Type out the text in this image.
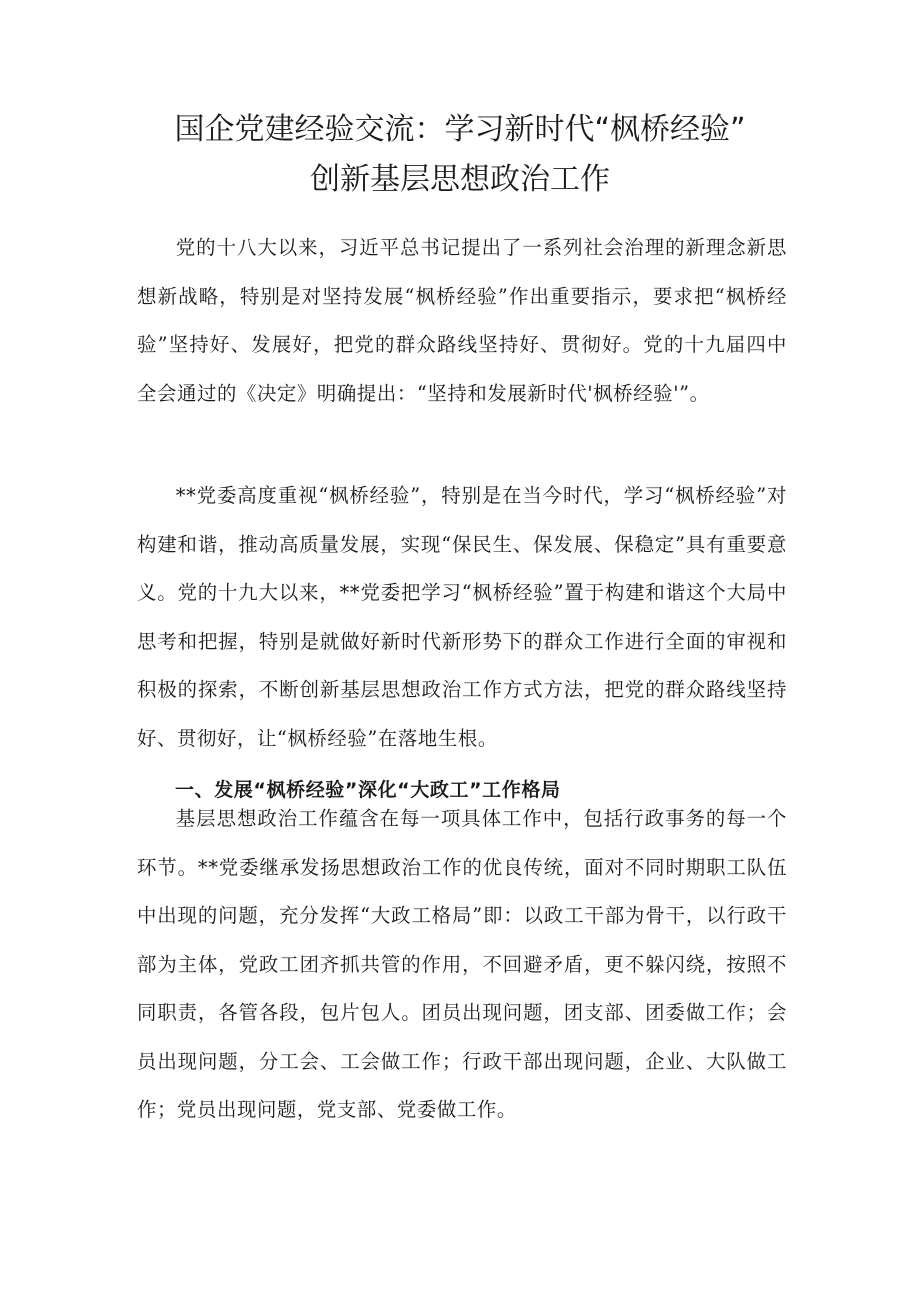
国企党建经验交流：学习新时代“枫桥经验”
创新基层思想政治工作

党的十八大以来，习近平总书记提出了一系列社会治理的新理念新思想新战略，特别是对坚持发展“枫桥经验”作出重要指示，要求把“枫桥经验”坚持好、发展好，把党的群众路线坚持好、贯彻好。党的十九届四中全会通过的《决定》明确提出：“坚持和发展新时代'枫桥经验'”。

**党委高度重视“枫桥经验”，特别是在当今时代，学习“枫桥经验”对构建和谐，推动高质量发展，实现“保民生、保发展、保稳定”具有重要意义。党的十九大以来，**党委把学习“枫桥经验”置于构建和谐这个大局中思考和把握，特别是就做好新时代新形势下的群众工作进行全面的审视和积极的探索，不断创新基层思想政治工作方式方法，把党的群众路线坚持好、贯彻好，让“枫桥经验”在落地生根。

一、发展“枫桥经验”深化“大政工”工作格局

基层思想政治工作蕴含在每一项具体工作中，包括行政事务的每一个环节。**党委继承发扬思想政治工作的优良传统，面对不同时期职工队伍中出现的问题，充分发挥“大政工格局”即：以政工干部为骨干，以行政干部为主体，党政工团齐抓共管的作用，不回避矛盾，更不躲闪绕，按照不同职责，各管各段，包片包人。团员出现问题，团支部、团委做工作；会员出现问题，分工会、工会做工作；行政干部出现问题，企业、大队做工作；党员出现问题，党支部、党委做工作。
